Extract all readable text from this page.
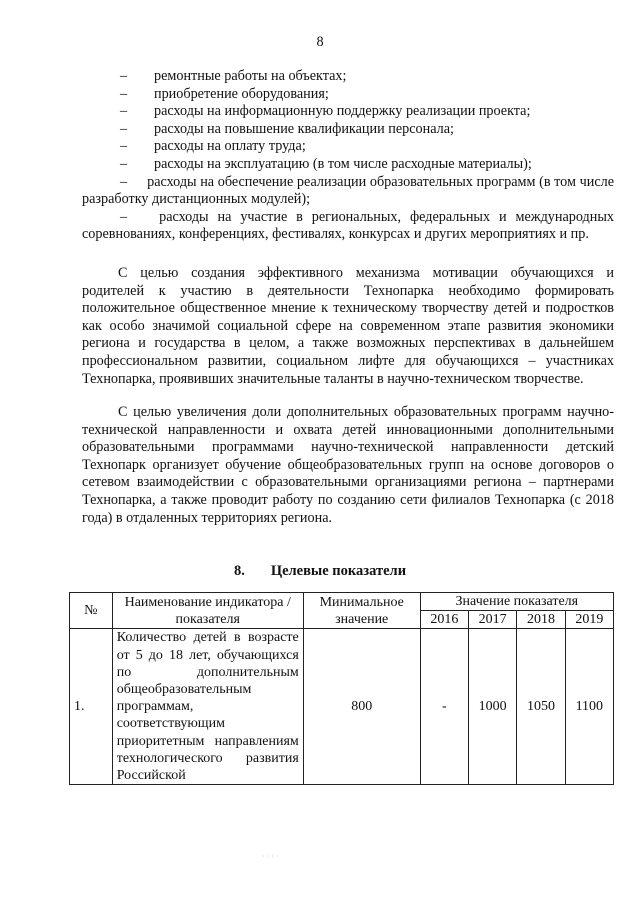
8
–	ремонтные работы на объектах;
–	приобретение оборудования;
–	расходы на информационную поддержку реализации проекта;
–	расходы на повышение квалификации персонала;
–	расходы на оплату труда;
–	расходы на эксплуатацию (в том числе расходные материалы);
– расходы на обеспечение реализации образовательных программ (в том числе разработку дистанционных модулей);
– расходы на участие в региональных, федеральных и международных соревнованиях, конференциях, фестивалях, конкурсах и других мероприятиях и пр.
С целью создания эффективного механизма мотивации обучающихся и родителей к участию в деятельности Технопарка необходимо формировать положительное общественное мнение к техническому творчеству детей и подростков как особо значимой социальной сфере на современном этапе развития экономики региона и государства в целом, а также возможных перспективах в дальнейшем профессиональном развитии, социальном лифте для обучающихся – участниках Технопарка, проявивших значительные таланты в научно-техническом творчестве.
С целью увеличения доли дополнительных образовательных программ научно-технической направленности и охвата детей инновационными дополнительными образовательными программами научно-технической направленности детский Технопарк организует обучение общеобразовательных групп на основе договоров о сетевом взаимодействии с образовательными организациями региона – партнерами Технопарка, а также проводит работу по созданию сети филиалов Технопарка (с 2018 года) в отдаленных территориях региона.
8. Целевые показатели
№	Наименование индикатора / показателя	Минимальное значение	Значение показателя			
			2016	2017	2018	2019
1.	Количество детей в возрасте от 5 до 18 лет, обучающихся по дополнительным общеобразовательным программам, соответствующим приоритетным направлениям технологического развития Российской	800	-	1000	1050	1100
· · · ·
